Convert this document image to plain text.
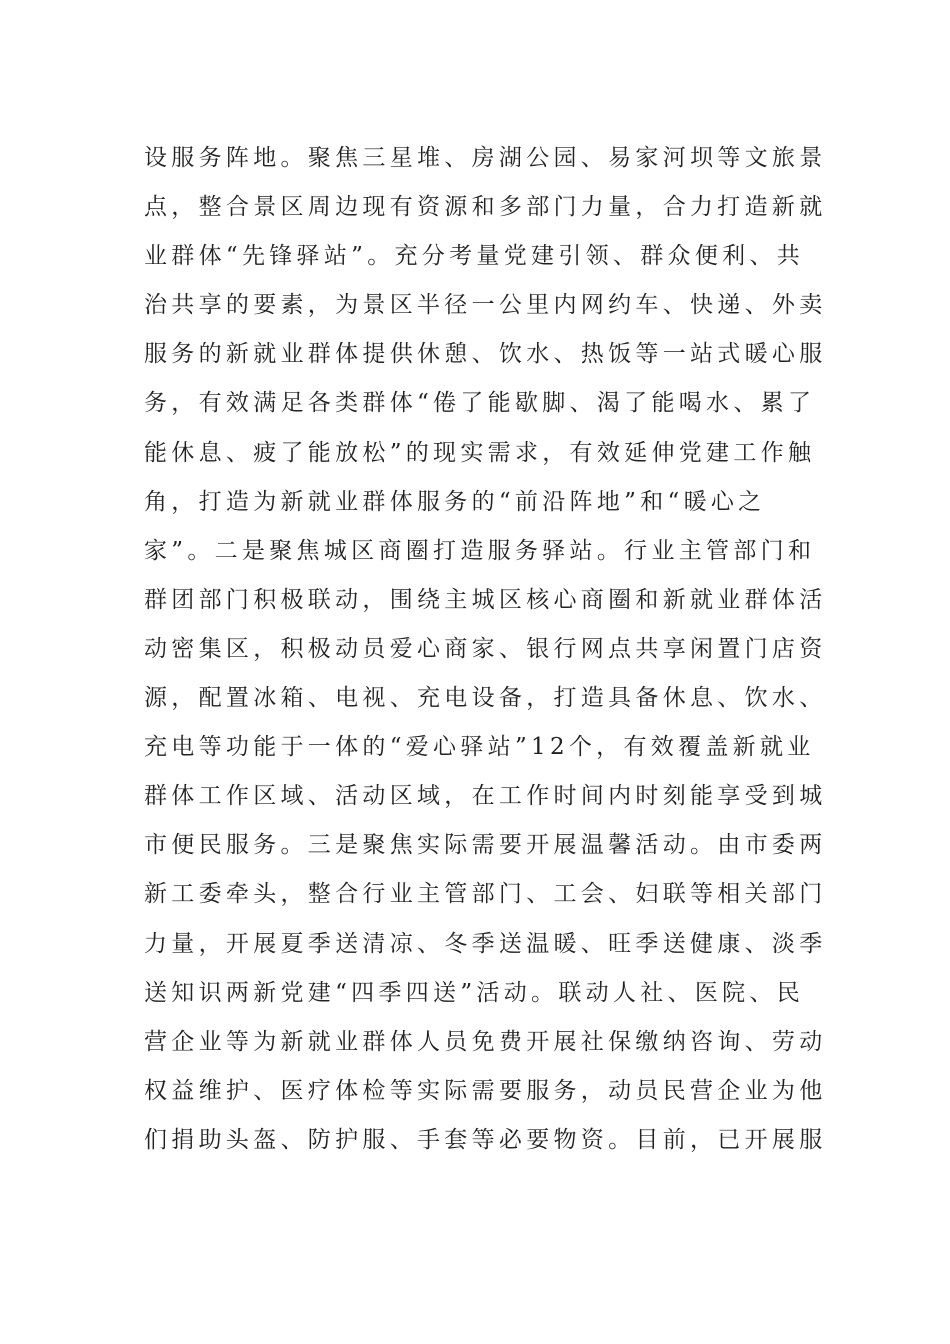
设服务阵地。聚焦三星堆、房湖公园、易家河坝等文旅景
点，整合景区周边现有资源和多部门力量，合力打造新就
业群体“先锋驿站”。充分考量党建引领、群众便利、共
治共享的要素，为景区半径一公里内网约车、快递、外卖
服务的新就业群体提供休憩、饮水、热饭等一站式暖心服
务，有效满足各类群体“倦了能歇脚、渴了能喝水、累了
能休息、疲了能放松”的现实需求，有效延伸党建工作触
角，打造为新就业群体服务的“前沿阵地”和“暖心之
家”。二是聚焦城区商圈打造服务驿站。行业主管部门和
群团部门积极联动，围绕主城区核心商圈和新就业群体活
动密集区，积极动员爱心商家、银行网点共享闲置门店资
源，配置冰箱、电视、充电设备，打造具备休息、饮水、
充电等功能于一体的“爱心驿站”12个，有效覆盖新就业
群体工作区域、活动区域，在工作时间内时刻能享受到城
市便民服务。三是聚焦实际需要开展温馨活动。由市委两
新工委牵头，整合行业主管部门、工会、妇联等相关部门
力量，开展夏季送清凉、冬季送温暖、旺季送健康、淡季
送知识两新党建“四季四送”活动。联动人社、医院、民
营企业等为新就业群体人员免费开展社保缴纳咨询、劳动
权益维护、医疗体检等实际需要服务，动员民营企业为他
们捐助头盔、防护服、手套等必要物资。目前，已开展服
